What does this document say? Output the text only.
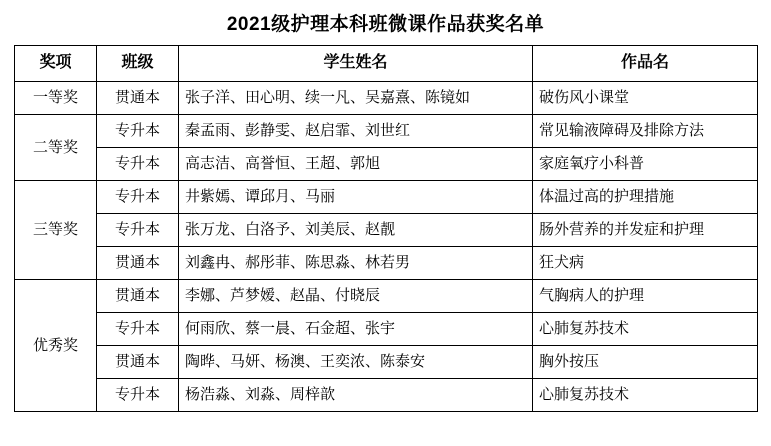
2021级护理本科班微课作品获奖名单
奖项	班级	学生姓名	作品名
一等奖	贯通本	张子洋、田心明、续一凡、吴嘉熹、陈镜如	破伤风小课堂
二等奖	专升本	秦孟雨、彭静雯、赵启霏、刘世红	常见输液障碍及排除方法
	专升本	高志洁、高誉恒、王超、郭旭	家庭氧疗小科普
三等奖	专升本	井紫嫣、谭邱月、马丽	体温过高的护理措施
	专升本	张万龙、白洛予、刘美辰、赵靓	肠外营养的并发症和护理
	贯通本	刘鑫冉、郝彤菲、陈思淼、林若男	狂犬病
优秀奖	贯通本	李娜、芦梦嫒、赵晶、付晓辰	气胸病人的护理
	专升本	何雨欣、蔡一晨、石金超、张宇	心肺复苏技术
	贯通本	陶晔、马妍、杨澳、王奕浓、陈泰安	胸外按压
	专升本	杨浩淼、刘淼、周梓歆	心肺复苏技术
